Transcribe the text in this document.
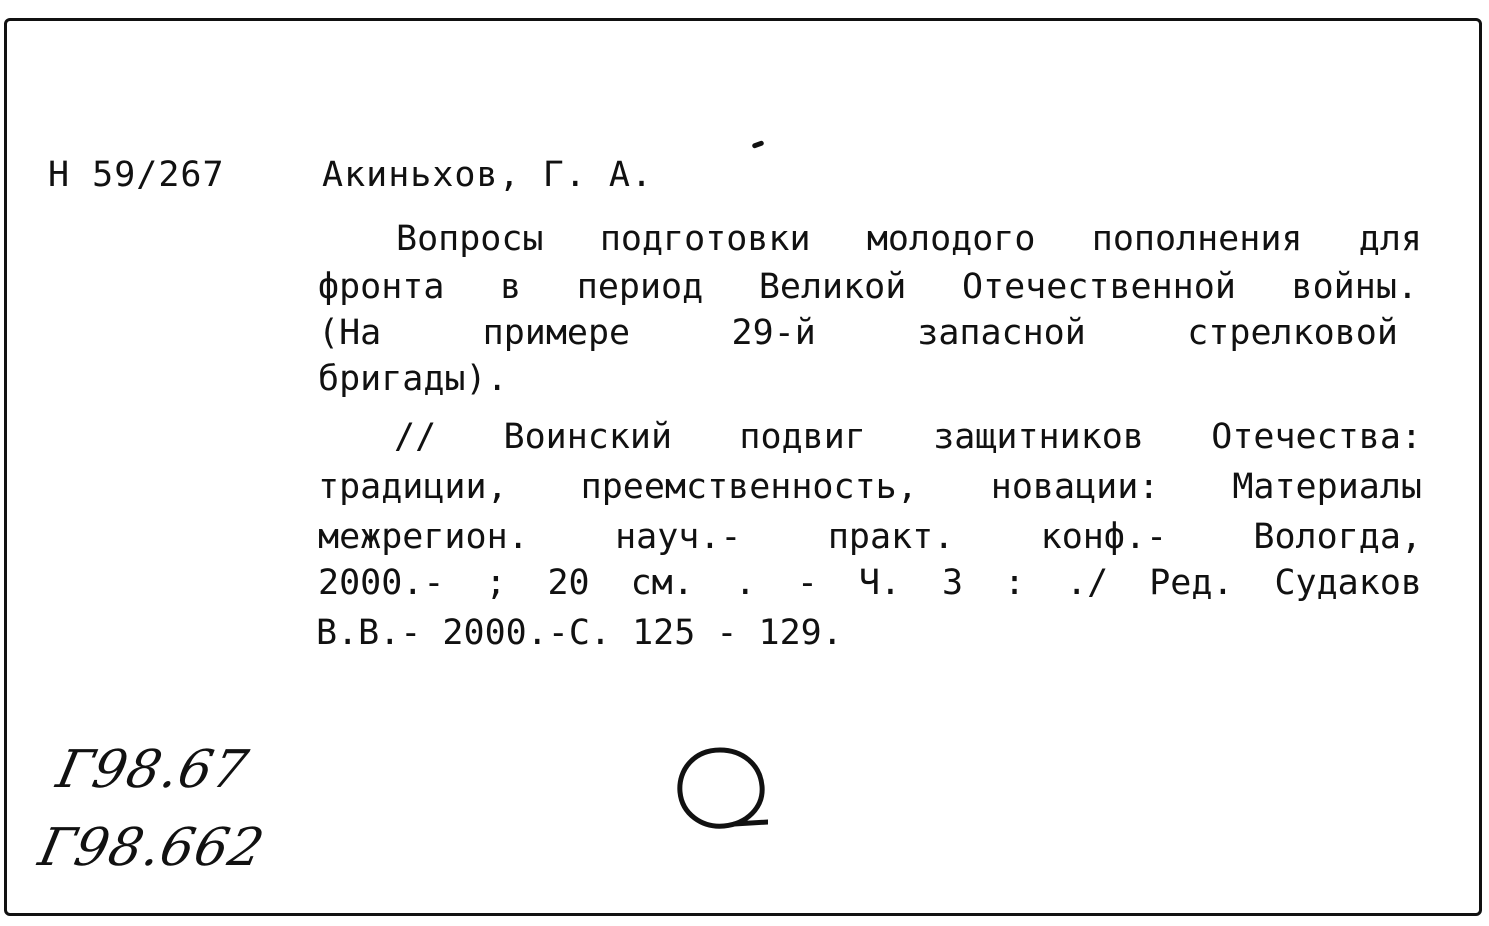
Н 59/267	Акиньхов, Г. А.
Вопросы подготовки молодого пополнения для
фронта в период Великой Отечественной войны.
(На	примере	29-й	запасной	стрелковой
бригады).
// Воинский подвиг защитников Отечества:
традиции, преемственность, новации: Материалы
межрегион. науч.- практ. конф.- Вологда,
2000.- ; 20 см. . - Ч. 3 : ./ Ред. Судаков
В.В.- 2000.-С. 125 - 129.
Г98.67
Г98.662
